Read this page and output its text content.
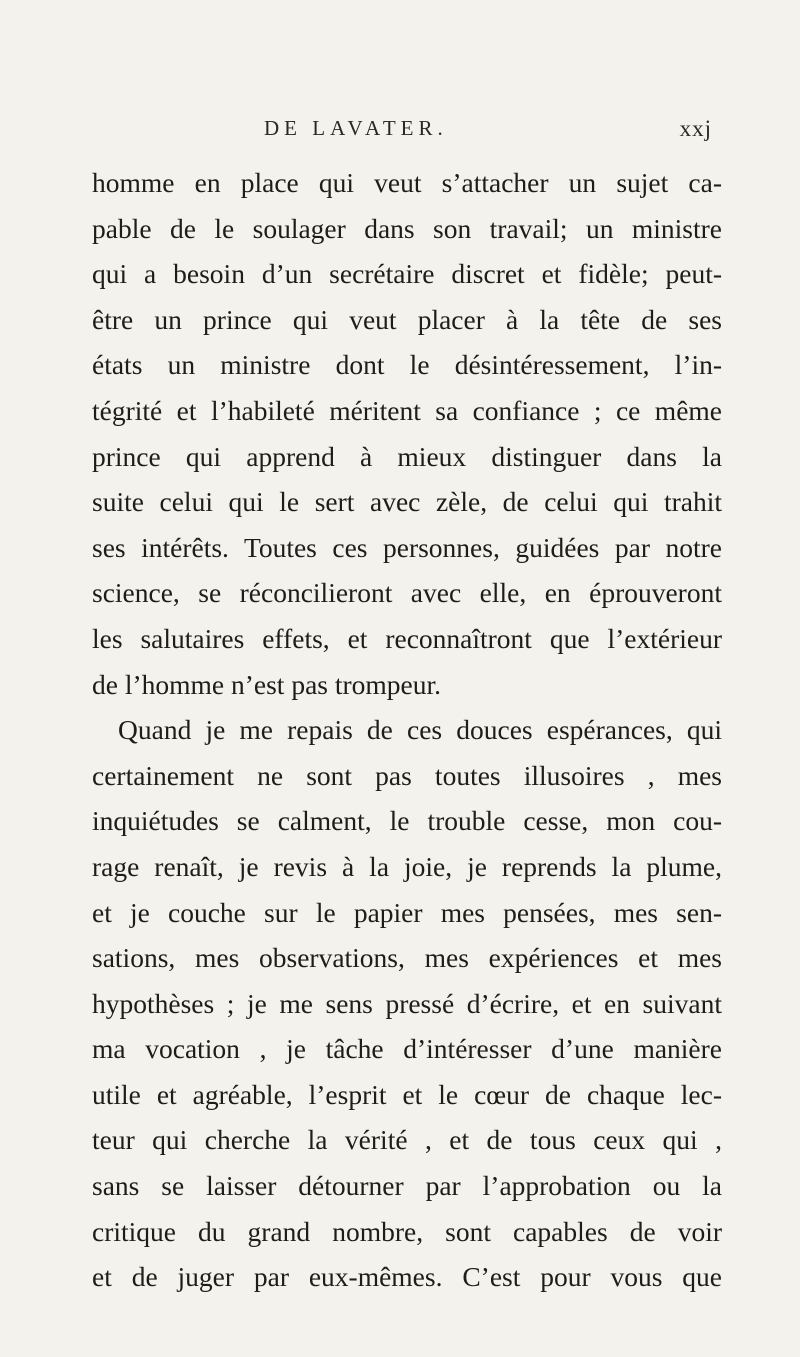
DE LAVATER.	xxj
homme en place qui veut s’attacher un sujet ca-
pable de le soulager dans son travail; un ministre
qui a besoin d’un secrétaire discret et fidèle; peut-
être un prince qui veut placer à la tête de ses
états un ministre dont le désintéressement, l’in-
tégrité et l’habileté méritent sa confiance ; ce même
prince qui apprend à mieux distinguer dans la
suite celui qui le sert avec zèle, de celui qui trahit
ses intérêts. Toutes ces personnes, guidées par notre
science, se réconcilieront avec elle, en éprouveront
les salutaires effets, et reconnaîtront que l’extérieur
de l’homme n’est pas trompeur.
Quand je me repais de ces douces espérances, qui
certainement ne sont pas toutes illusoires , mes
inquiétudes se calment, le trouble cesse, mon cou-
rage renaît, je revis à la joie, je reprends la plume,
et je couche sur le papier mes pensées, mes sen-
sations, mes observations, mes expériences et mes
hypothèses ; je me sens pressé d’écrire, et en suivant
ma vocation , je tâche d’intéresser d’une manière
utile et agréable, l’esprit et le cœur de chaque lec-
teur qui cherche la vérité , et de tous ceux qui ,
sans se laisser détourner par l’approbation ou la
critique du grand nombre, sont capables de voir
et de juger par eux-mêmes. C’est pour vous que
